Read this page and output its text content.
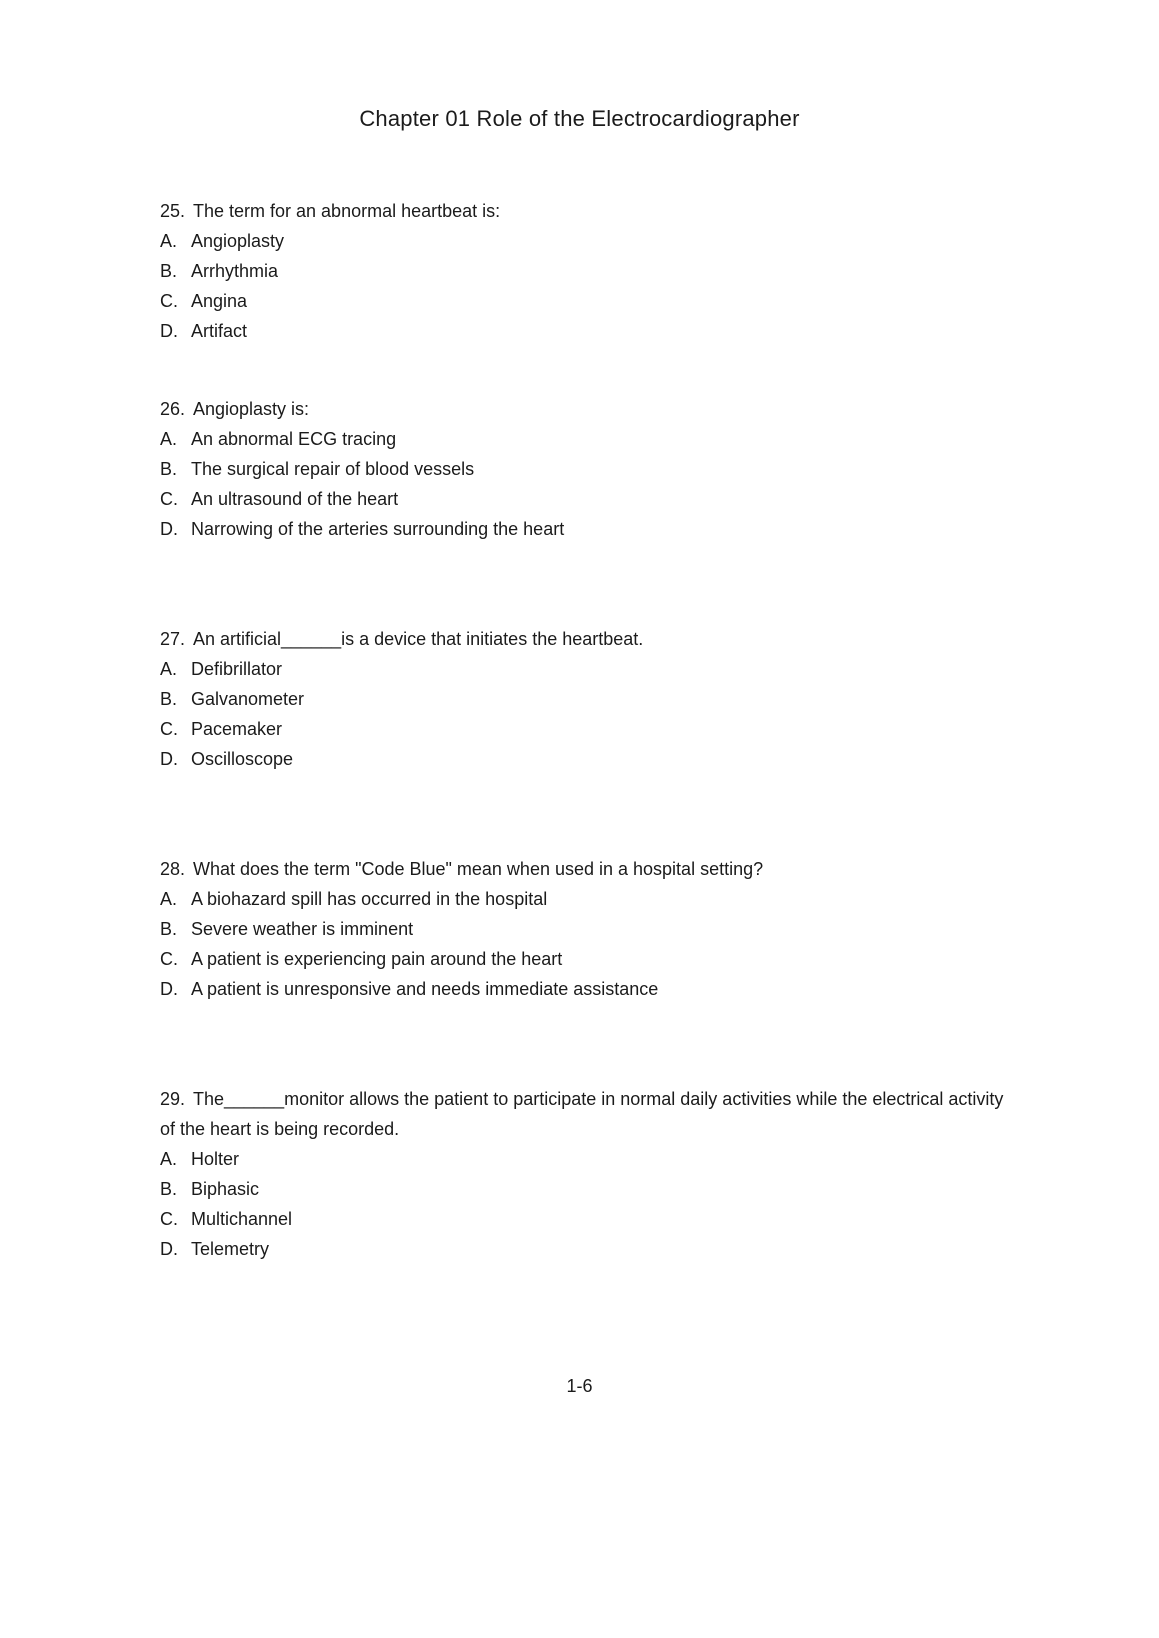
Chapter 01 Role of the Electrocardiographer

25. The term for an abnormal heartbeat is:

A. Angioplasty
B. Arrhythmia
C. Angina
D. Artifact

26. Angioplasty is:

A. An abnormal ECG tracing
B. The surgical repair of blood vessels
C. An ultrasound of the heart
D. Narrowing of the arteries surrounding the heart

27. An artificial______is a device that initiates the heartbeat.

A. Defibrillator
B. Galvanometer
C. Pacemaker
D. Oscilloscope

28. What does the term "Code Blue" mean when used in a hospital setting?

A. A biohazard spill has occurred in the hospital
B. Severe weather is imminent
C. A patient is experiencing pain around the heart
D. A patient is unresponsive and needs immediate assistance

29. The______monitor allows the patient to participate in normal daily activities while the electrical activity of the heart is being recorded.

A. Holter
B. Biphasic
C. Multichannel
D. Telemetry
1-6
